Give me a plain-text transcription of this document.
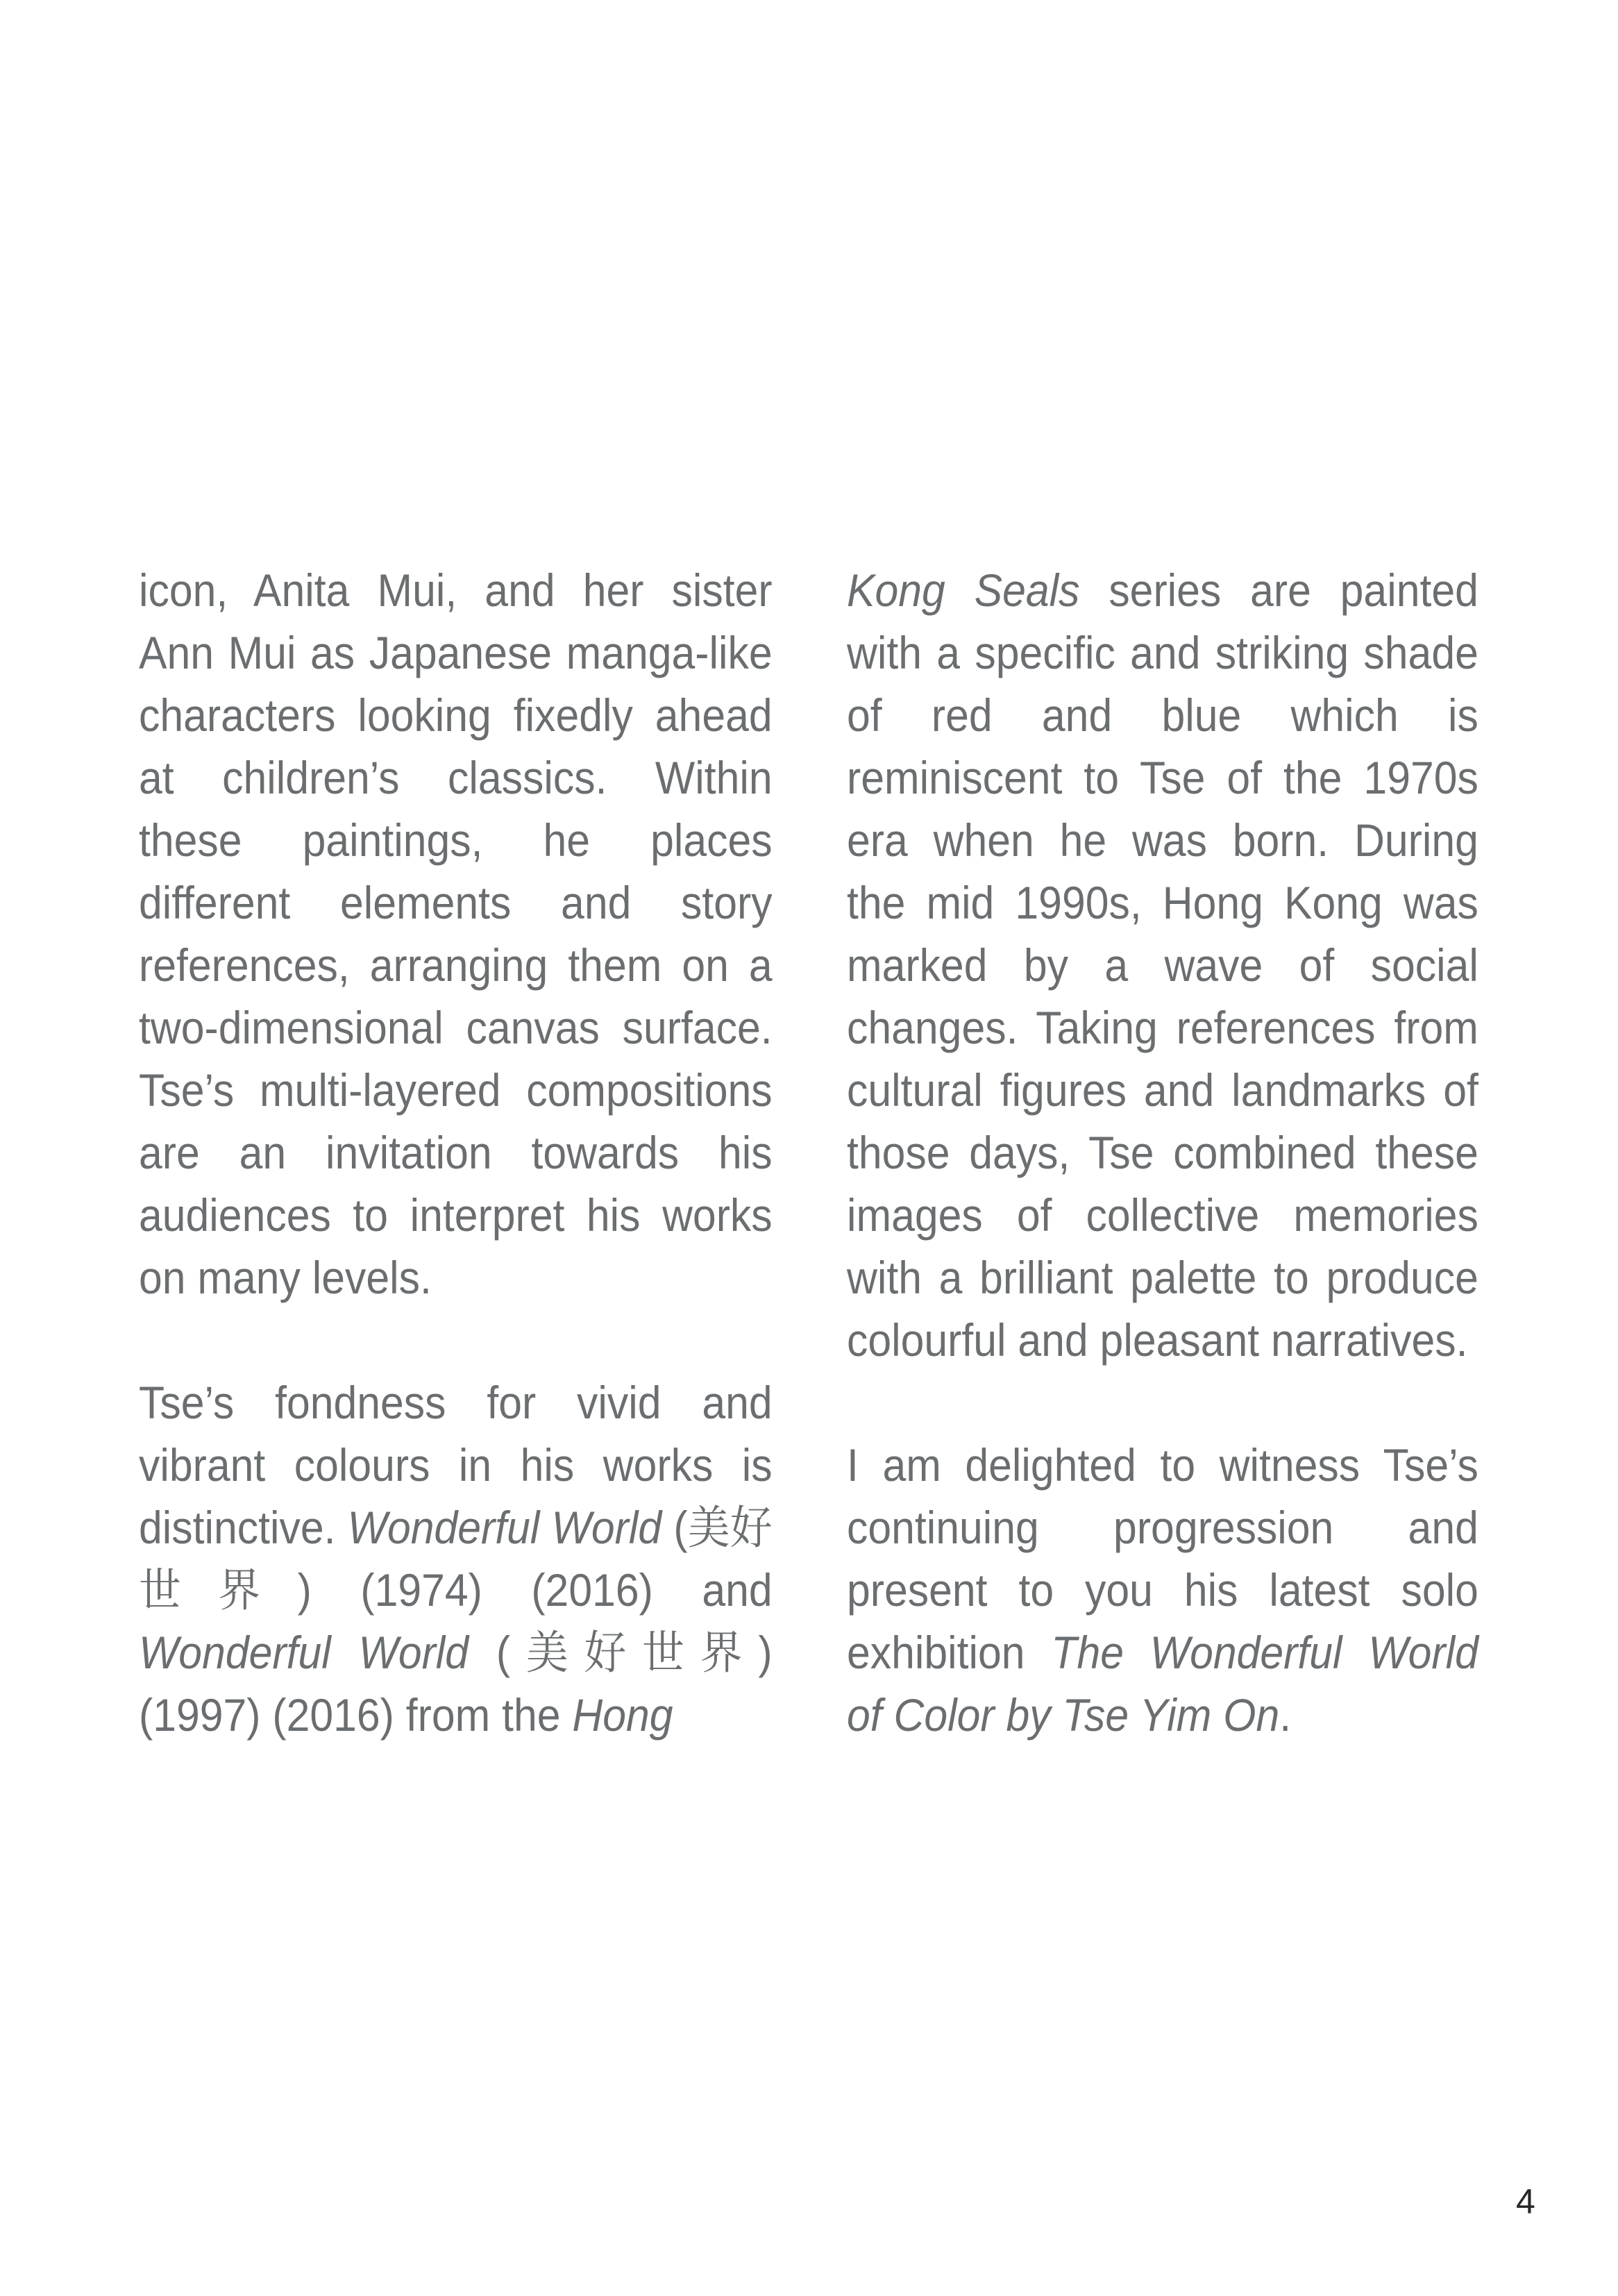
icon, Anita Mui, and her sister Ann Mui as Japanese manga-like characters looking fixedly ahead at children’s classics. Within these paintings, he places different elements and story references, arranging them on a two-dimensional canvas surface. Tse’s multi-layered compositions are an invitation towards his audiences to interpret his works on many levels.

Tse’s fondness for vivid and vibrant colours in his works is distinctive. Wonderful World (美好世界) (1974) (2016) and Wonderful World (美好世界) (1997) (2016) from the Hong

Kong Seals series are painted with a specific and striking shade of red and blue which is reminiscent to Tse of the 1970s era when he was born. During the mid 1990s, Hong Kong was marked by a wave of social changes. Taking references from cultural figures and landmarks of those days, Tse combined these images of collective memories with a brilliant palette to produce colourful and pleasant narratives.

I am delighted to witness Tse’s continuing progression and present to you his latest solo exhibition The Wonderful World of Color by Tse Yim On.

4
